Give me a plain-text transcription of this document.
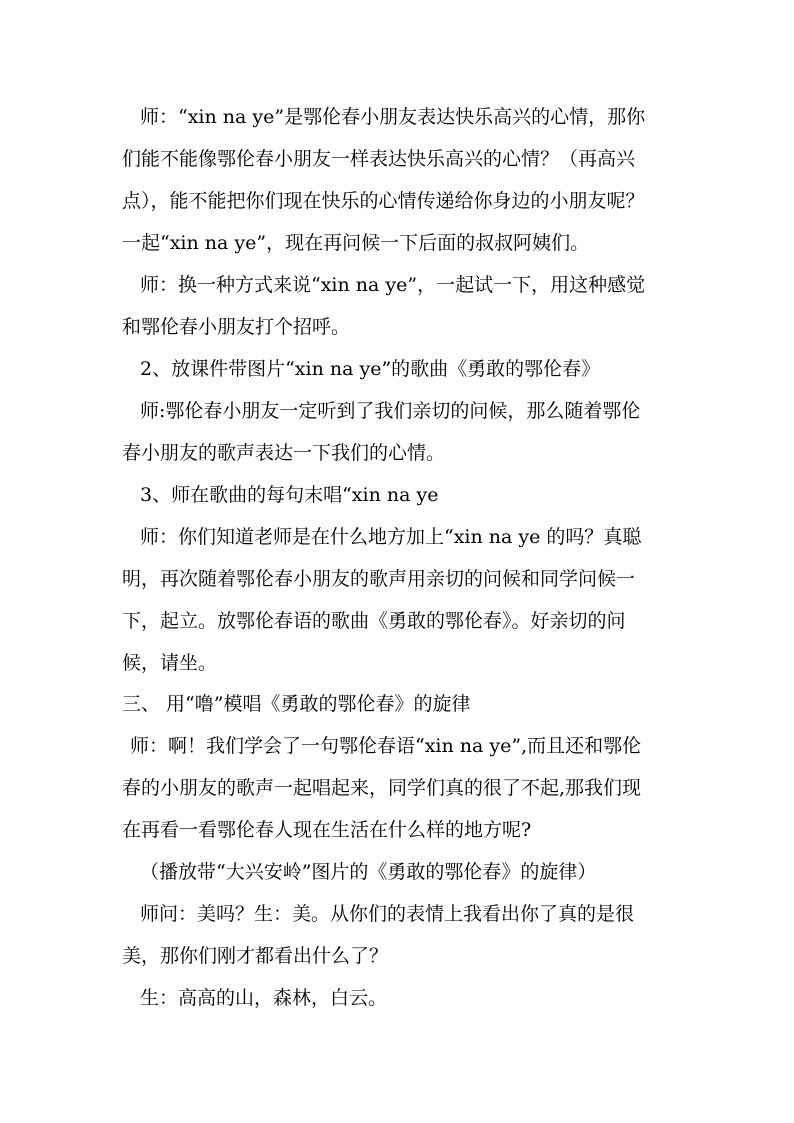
师：“xin na ye”是鄂伦春小朋友表达快乐高兴的心情，那你
们能不能像鄂伦春小朋友一样表达快乐高兴的心情？（再高兴
点），能不能把你们现在快乐的心情传递给你身边的小朋友呢？
一起“xin na ye”，现在再问候一下后面的叔叔阿姨们。
师：换一种方式来说“xin na ye”，一起试一下，用这种感觉
和鄂伦春小朋友打个招呼。
2、放课件带图片“xin na ye”的歌曲《勇敢的鄂伦春》
师:鄂伦春小朋友一定听到了我们亲切的问候，那么随着鄂伦
春小朋友的歌声表达一下我们的心情。
3、师在歌曲的每句末唱“xin na ye
师：你们知道老师是在什么地方加上“xin na ye 的吗？真聪
明，再次随着鄂伦春小朋友的歌声用亲切的问候和同学问候一
下，起立。放鄂伦春语的歌曲《勇敢的鄂伦春》。好亲切的问
候，请坐。
三、 用“噜”模唱《勇敢的鄂伦春》的旋律
师：啊！我们学会了一句鄂伦春语“xin na ye”,而且还和鄂伦
春的小朋友的歌声一起唱起来，同学们真的很了不起,那我们现
在再看一看鄂伦春人现在生活在什么样的地方呢?
（播放带“大兴安岭”图片的《勇敢的鄂伦春》的旋律）
师问：美吗？生：美。从你们的表情上我看出你了真的是很
美，那你们刚才都看出什么了？
生：高高的山，森林，白云。
